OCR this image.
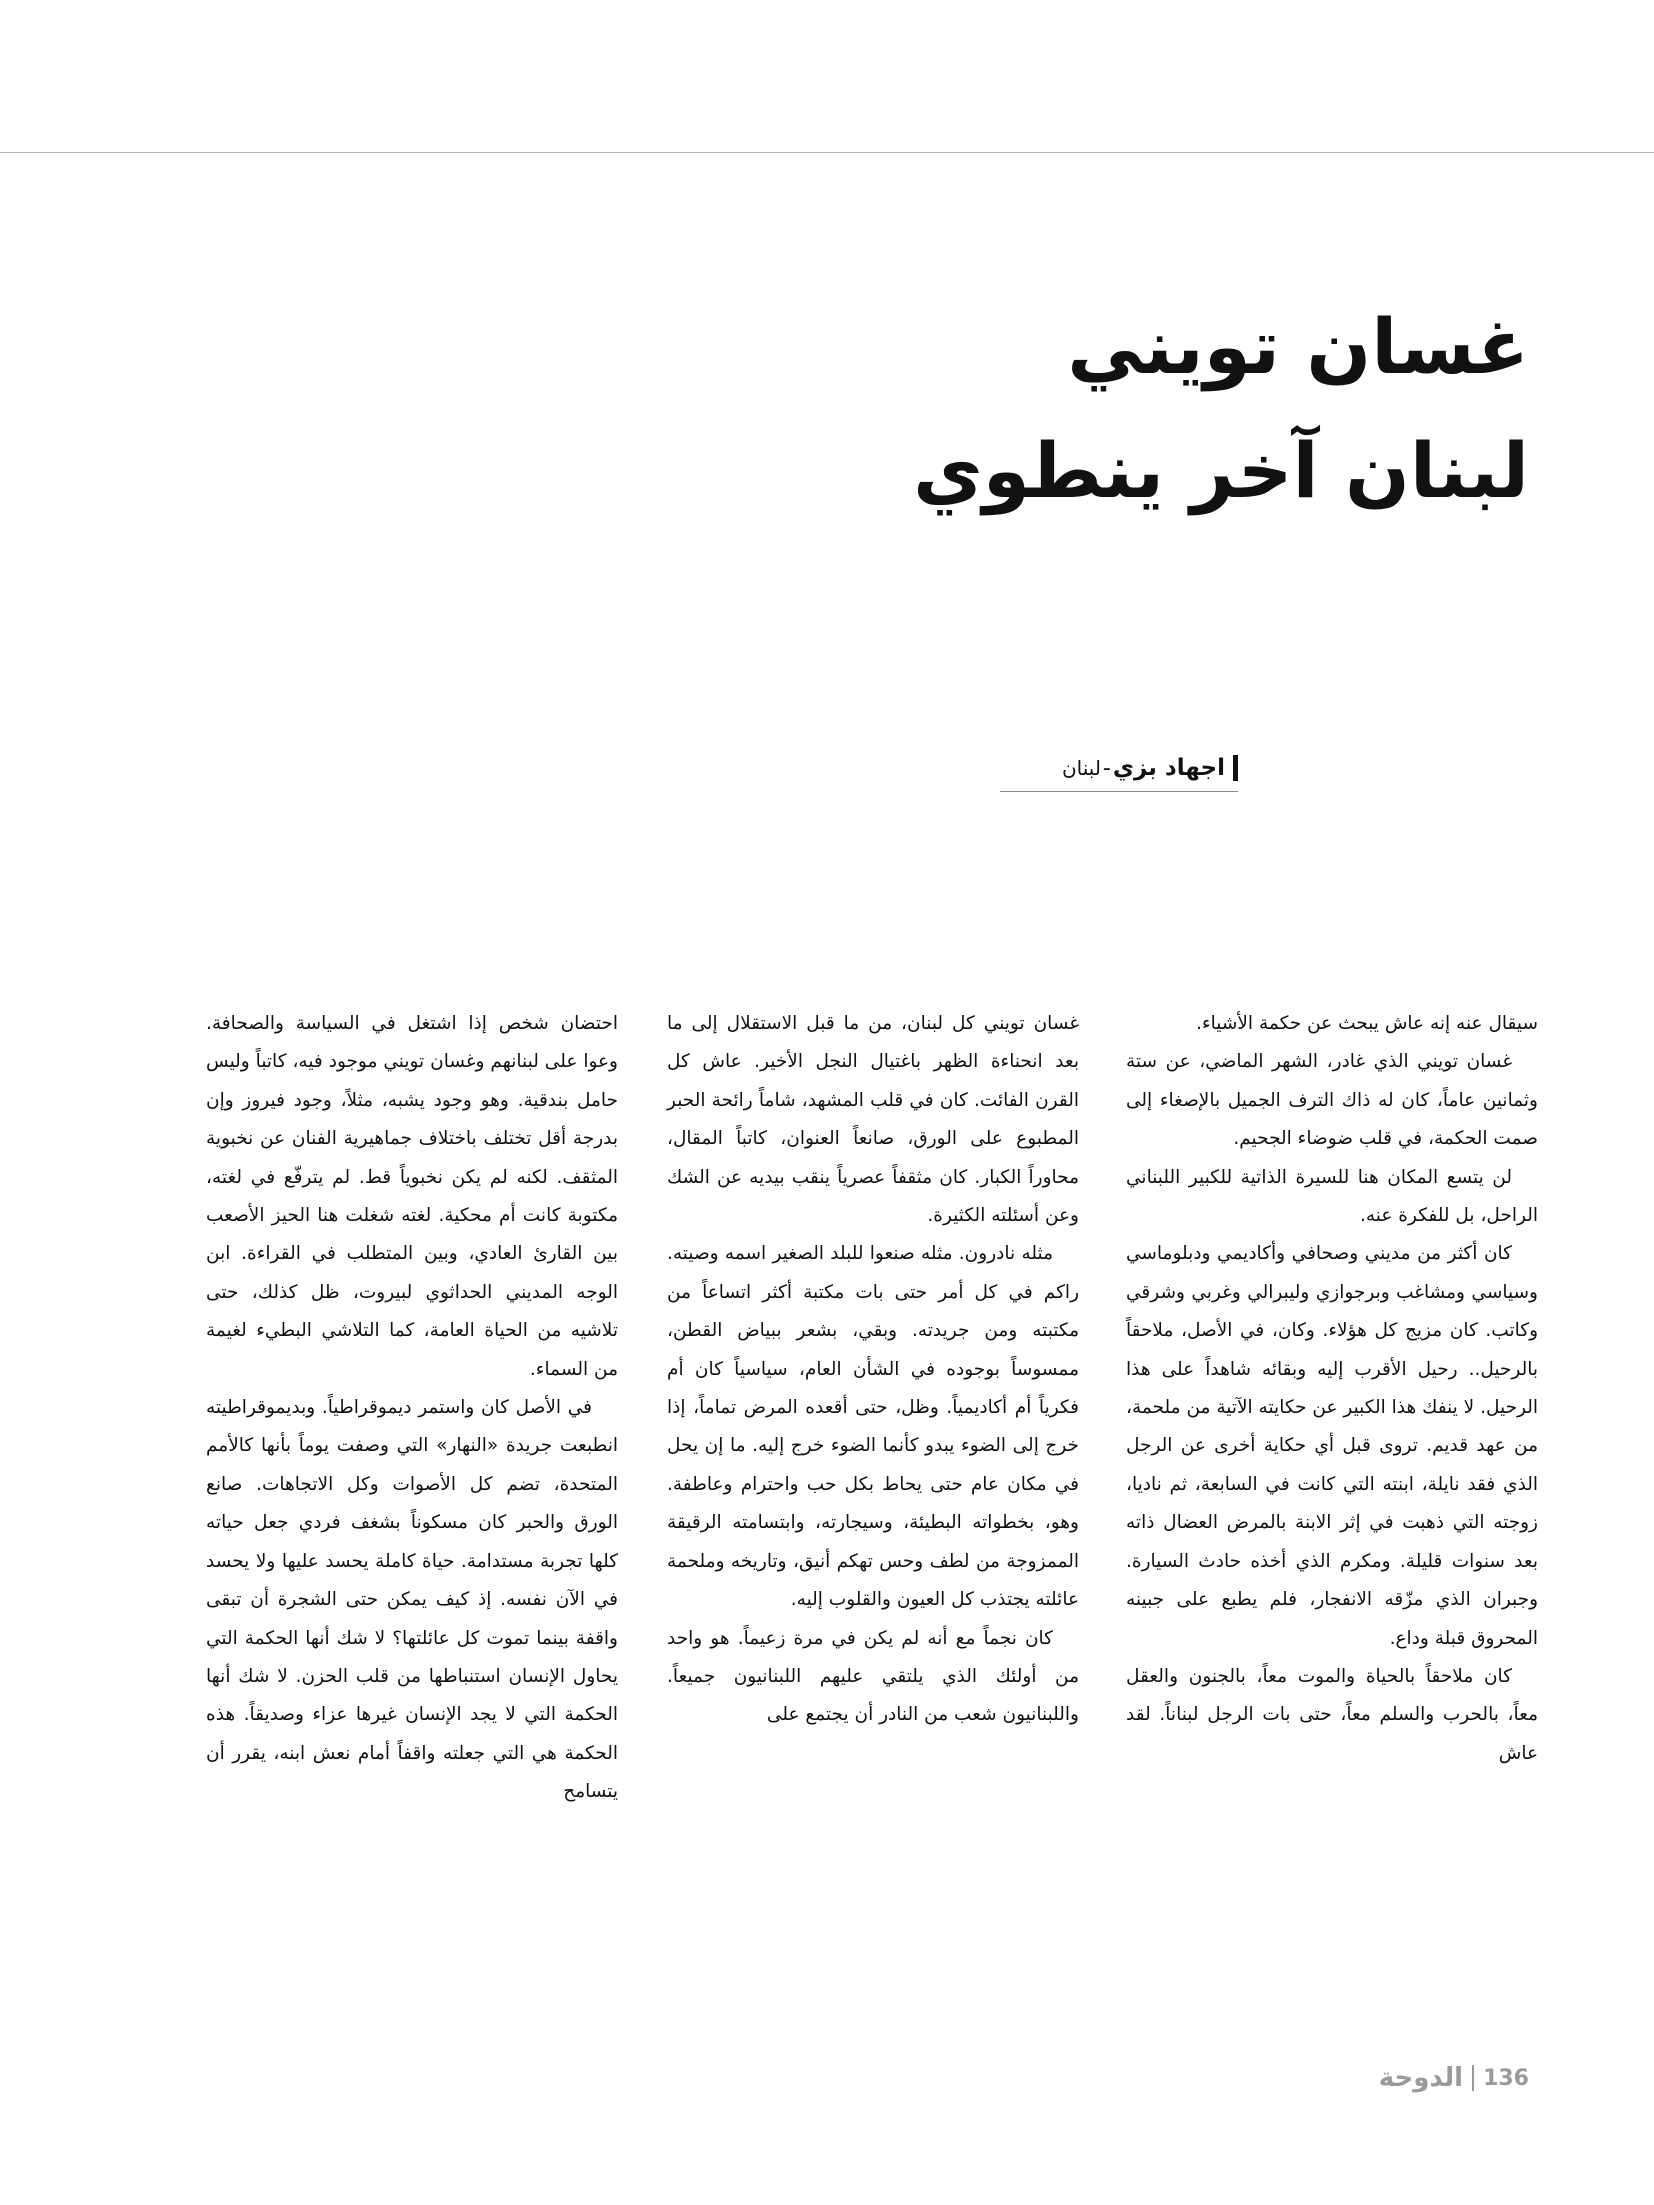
غسان تويني
لبنان آخر ينطوي
اجهاد بزي
-
لبنان

سيقال عنه إنه عاش يبحث عن حكمة الأشياء.

غسان تويني الذي غادر، الشهر الماضي، عن ستة وثمانين عاماً، كان له ذاك الترف الجميل بالإصغاء إلى صمت الحكمة، في قلب ضوضاء الجحيم.

لن يتسع المكان هنا للسيرة الذاتية للكبير اللبناني الراحل، بل للفكرة عنه.

كان أكثر من مديني وصحافي وأكاديمي ودبلوماسي وسياسي ومشاغب وبرجوازي وليبرالي وغربي وشرقي وكاتب. كان مزيج كل هؤلاء. وكان، في الأصل، ملاحقاً بالرحيل.. رحيل الأقرب إليه وبقائه شاهداً على هذا الرحيل. لا ينفك هذا الكبير عن حكايته الآتية من ملحمة، من عهد قديم. تروى قبل أي حكاية أخرى عن الرجل الذي فقد نايلة، ابنته التي كانت في السابعة، ثم ناديا، زوجته التي ذهبت في إثر الابنة بالمرض العضال ذاته بعد سنوات قليلة. ومكرم الذي أخذه حادث السيارة. وجبران الذي مزّقه الانفجار، فلم يطبع على جبينه المحروق قبلة وداع.

كان ملاحقاً بالحياة والموت معاً، بالجنون والعقل معاً، بالحرب والسلم معاً، حتى بات الرجل لبناناً. لقد عاش

غسان تويني كل لبنان، من ما قبل الاستقلال إلى ما بعد انحناءة الظهر باغتيال النجل الأخير. عاش كل القرن الفائت. كان في قلب المشهد، شاماً رائحة الحبر المطبوع على الورق، صانعاً العنوان، كاتباً المقال، محاوراً الكبار. كان مثقفاً عصرياً ينقب بيديه عن الشك وعن أسئلته الكثيرة.

مثله نادرون. مثله صنعوا للبلد الصغير اسمه وصيته. راكم في كل أمر حتى بات مكتبة أكثر اتساعاً من مكتبته ومن جريدته. وبقي، بشعر ببياض القطن، ممسوساً بوجوده في الشأن العام، سياسياً كان أم فكرياً أم أكاديمياً. وظل، حتى أقعده المرض تماماً، إذا خرج إلى الضوء يبدو كأنما الضوء خرج إليه. ما إن يحل في مكان عام حتى يحاط بكل حب واحترام وعاطفة. وهو، بخطواته البطيئة، وسيجارته، وابتسامته الرقيقة الممزوجة من لطف وحس تهكم أنيق، وتاريخه وملحمة عائلته يجتذب كل العيون والقلوب إليه.

كان نجماً مع أنه لم يكن في مرة زعيماً. هو واحد من أولئك الذي يلتقي عليهم اللبنانيون جميعاً. واللبنانيون شعب من النادر أن يجتمع على

احتضان شخص إذا اشتغل في السياسة والصحافة. وعوا على لبنانهم وغسان تويني موجود فيه، كاتباً وليس حامل بندقية. وهو وجود يشبه، مثلاً، وجود فيروز وإن بدرجة أقل تختلف باختلاف جماهيرية الفنان عن نخبوية المثقف. لكنه لم يكن نخبوياً قط. لم يترفّع في لغته، مكتوبة كانت أم محكية. لغته شغلت هنا الحيز الأصعب بين القارئ العادي، وبين المتطلب في القراءة. ابن الوجه المديني الحداثوي لبيروت، ظل كذلك، حتى تلاشيه من الحياة العامة، كما التلاشي البطيء لغيمة من السماء.

في الأصل كان واستمر ديموقراطياً. وبديموقراطيته انطبعت جريدة «النهار» التي وصفت يوماً بأنها كالأمم المتحدة، تضم كل الأصوات وكل الاتجاهات. صانع الورق والحبر كان مسكوناً بشغف فردي جعل حياته كلها تجربة مستدامة. حياة كاملة يحسد عليها ولا يحسد في الآن نفسه. إذ كيف يمكن حتى الشجرة أن تبقى واقفة بينما تموت كل عائلتها؟ لا شك أنها الحكمة التي يحاول الإنسان استنباطها من قلب الحزن. لا شك أنها الحكمة التي لا يجد الإنسان غيرها عزاء وصديقاً. هذه الحكمة هي التي جعلته واقفاً أمام نعش ابنه، يقرر أن يتسامح

136
الدوحة
